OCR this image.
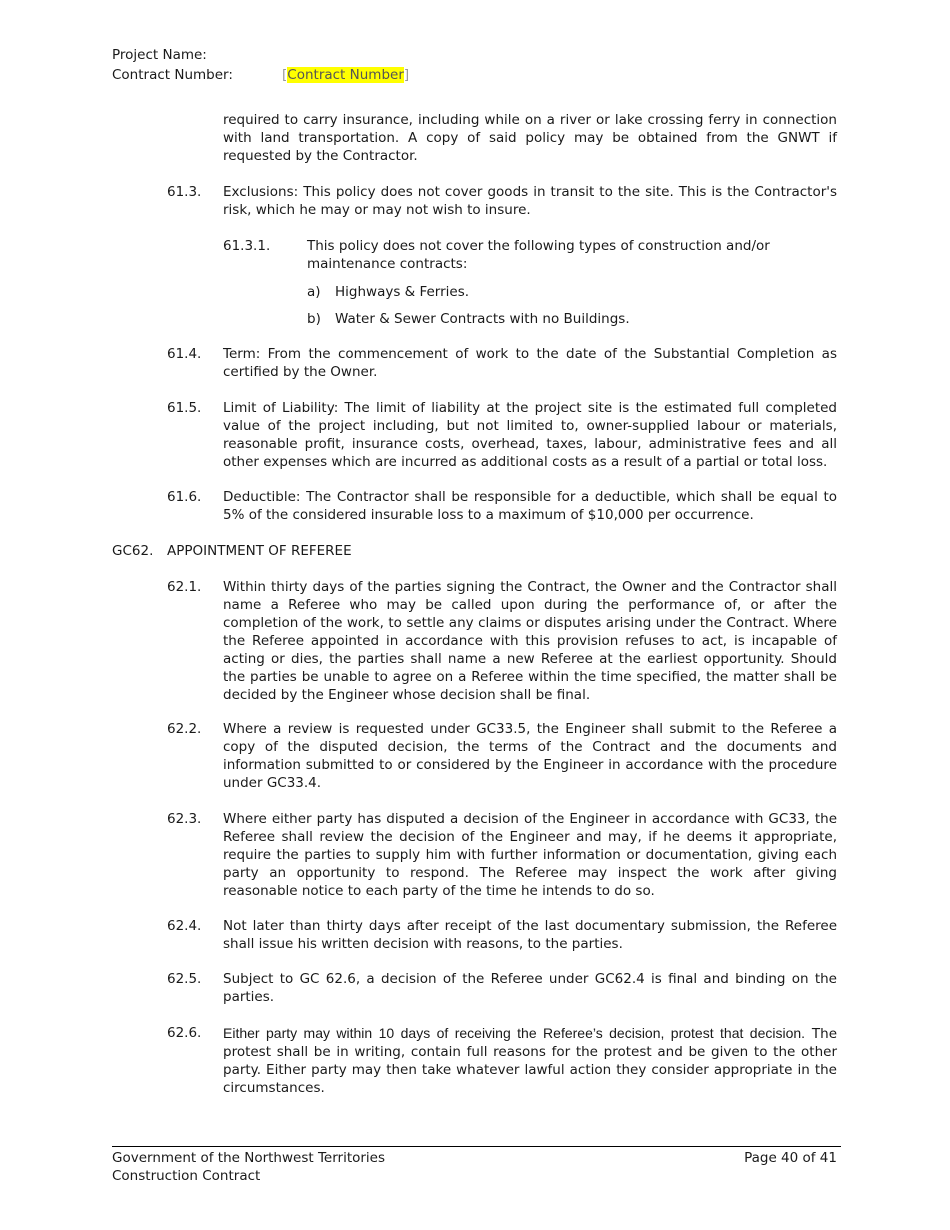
Project Name:
Contract Number:	[Contract Number]
required to carry insurance, including while on a river or lake crossing ferry in connection with land transportation. A copy of said policy may be obtained from the GNWT if requested by the Contractor.
61.3. Exclusions: This policy does not cover goods in transit to the site. This is the Contractor's risk, which he may or may not wish to insure.
61.3.1.	This policy does not cover the following types of construction and/or maintenance contracts:
a) Highways & Ferries.
b) Water & Sewer Contracts with no Buildings.
61.4. Term: From the commencement of work to the date of the Substantial Completion as certified by the Owner.
61.5. Limit of Liability: The limit of liability at the project site is the estimated full completed value of the project including, but not limited to, owner-supplied labour or materials, reasonable profit, insurance costs, overhead, taxes, labour, administrative fees and all other expenses which are incurred as additional costs as a result of a partial or total loss.
61.6. Deductible: The Contractor shall be responsible for a deductible, which shall be equal to 5% of the considered insurable loss to a maximum of $10,000 per occurrence.
GC62. APPOINTMENT OF REFEREE
62.1. Within thirty days of the parties signing the Contract, the Owner and the Contractor shall name a Referee who may be called upon during the performance of, or after the completion of the work, to settle any claims or disputes arising under the Contract. Where the Referee appointed in accordance with this provision refuses to act, is incapable of acting or dies, the parties shall name a new Referee at the earliest opportunity. Should the parties be unable to agree on a Referee within the time specified, the matter shall be decided by the Engineer whose decision shall be final.
62.2. Where a review is requested under GC33.5, the Engineer shall submit to the Referee a copy of the disputed decision, the terms of the Contract and the documents and information submitted to or considered by the Engineer in accordance with the procedure under GC33.4.
62.3. Where either party has disputed a decision of the Engineer in accordance with GC33, the Referee shall review the decision of the Engineer and may, if he deems it appropriate, require the parties to supply him with further information or documentation, giving each party an opportunity to respond. The Referee may inspect the work after giving reasonable notice to each party of the time he intends to do so.
62.4. Not later than thirty days after receipt of the last documentary submission, the Referee shall issue his written decision with reasons, to the parties.
62.5. Subject to GC 62.6, a decision of the Referee under GC62.4 is final and binding on the parties.
62.6. Either party may within 10 days of receiving the Referee’s decision, protest that decision. The protest shall be in writing, contain full reasons for the protest and be given to the other party. Either party may then take whatever lawful action they consider appropriate in the circumstances.
Government of the Northwest Territories
Construction Contract
Page 40 of 41
